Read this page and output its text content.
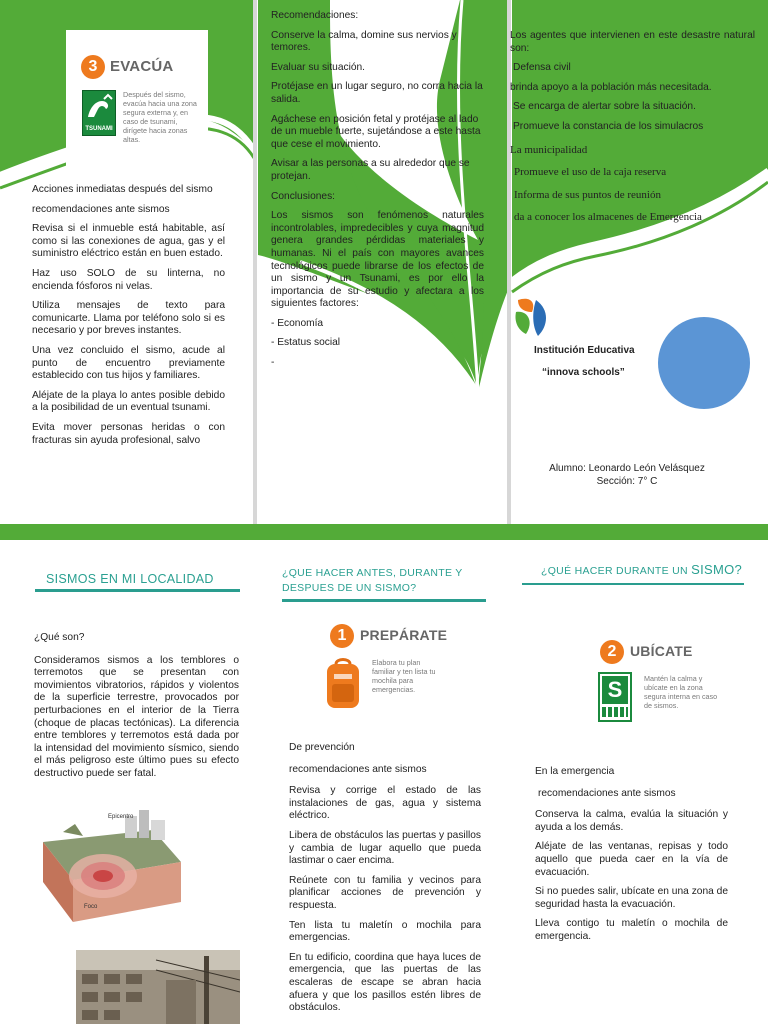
3 EVACÚA
TSUNAMI
Después del sismo, evacúa hacia una zona segura externa y, en caso de tsunami, dirígete hacia zonas altas.

Acciones inmediatas después del sismo

recomendaciones ante sismos

Revisa si el inmueble está habitable, así como si las conexiones de agua, gas y el suministro eléctrico están en buen estado.

Haz uso SOLO de su linterna, no encienda fósforos ni velas.

Utiliza mensajes de texto para comunicarte. Llama por teléfono solo si es necesario y por breves instantes.

Una vez concluido el sismo, acude al punto de encuentro previamente establecido con tus hijos y familiares.

Aléjate de la playa lo antes posible debido a la posibilidad de un eventual tsunami.

Evita mover personas heridas o con fracturas sin ayuda profesional, salvo

Recomendaciones:

Conserve la calma, domine sus nervios y temores.

Evaluar su situación.

Protéjase en un lugar seguro, no corra hacia la salida.

Agáchese en posición fetal y protéjase al lado de un mueble fuerte, sujetándose a este hasta que cese el movimiento.

Avisar a las personas a su alrededor que se protejan.

Conclusiones:

Los sismos son fenómenos naturales incontrolables, impredecibles y cuya magnitud genera grandes pérdidas materiales y humanas. Ni el país con mayores avances tecnológicos puede librarse de los efectos de un sismo y un Tsunami, es por ello la importancia de su estudio y afectara a los siguientes factores:

- Economía

- Estatus social

-

Los agentes que intervienen en este desastre natural son:

Defensa civil

brinda apoyo a la población más necesitada.

Se encarga de alertar sobre la situación.

Promueve la constancia de los simulacros

La municipalidad

Promueve el uso de la caja reserva

Informa de sus puntos de reunión

da a conocer los almacenes de Emergencia

Institución Educativa
“innova schools”
Alumno: Leonardo León Velásquez
Sección: 7° C
SISMOS EN MI LOCALIDAD

¿Qué son?

Consideramos sismos a los temblores o terremotos que se presentan con movimientos vibratorios, rápidos y violentos de la superficie terrestre, provocados por perturbaciones en el interior de la Tierra (choque de placas tectónicas). La diferencia entre temblores y terremotos está dada por la intensidad del movimiento sísmico, siendo el más peligroso este último pues su efecto destructivo puede ser fatal.

Epicentro
Foco
¿QUE HACER ANTES, DURANTE Y DESPUES DE UN SISMO?
1 PREPÁRATE
Elabora tu plan familiar y ten lista tu mochila para emergencias.

De prevención

recomendaciones ante sismos

Revisa y corrige el estado de las instalaciones de gas, agua y sistema eléctrico.

Libera de obstáculos las puertas y pasillos y cambia de lugar aquello que pueda lastimar o caer encima.

Reúnete con tu familia y vecinos para planificar acciones de prevención y respuesta.

Ten lista tu maletín o mochila para emergencias.

En tu edificio, coordina que haya luces de emergencia, que las puertas de las escaleras de escape se abran hacia afuera y que los pasillos estén libres de obstáculos.

¿QUÉ HACER DURANTE UN SISMO?
2 UBÍCATE
S	Mantén la calma y ubícate en la zona segura interna en caso de sismos.

En la emergencia

recomendaciones ante sismos

Conserva la calma, evalúa la situación y ayuda a los demás.

Aléjate de las ventanas, repisas y todo aquello que pueda caer en la vía de evacuación.

Si no puedes salir, ubícate en una zona de seguridad hasta la evacuación.

Lleva contigo tu maletín o mochila de emergencia.
